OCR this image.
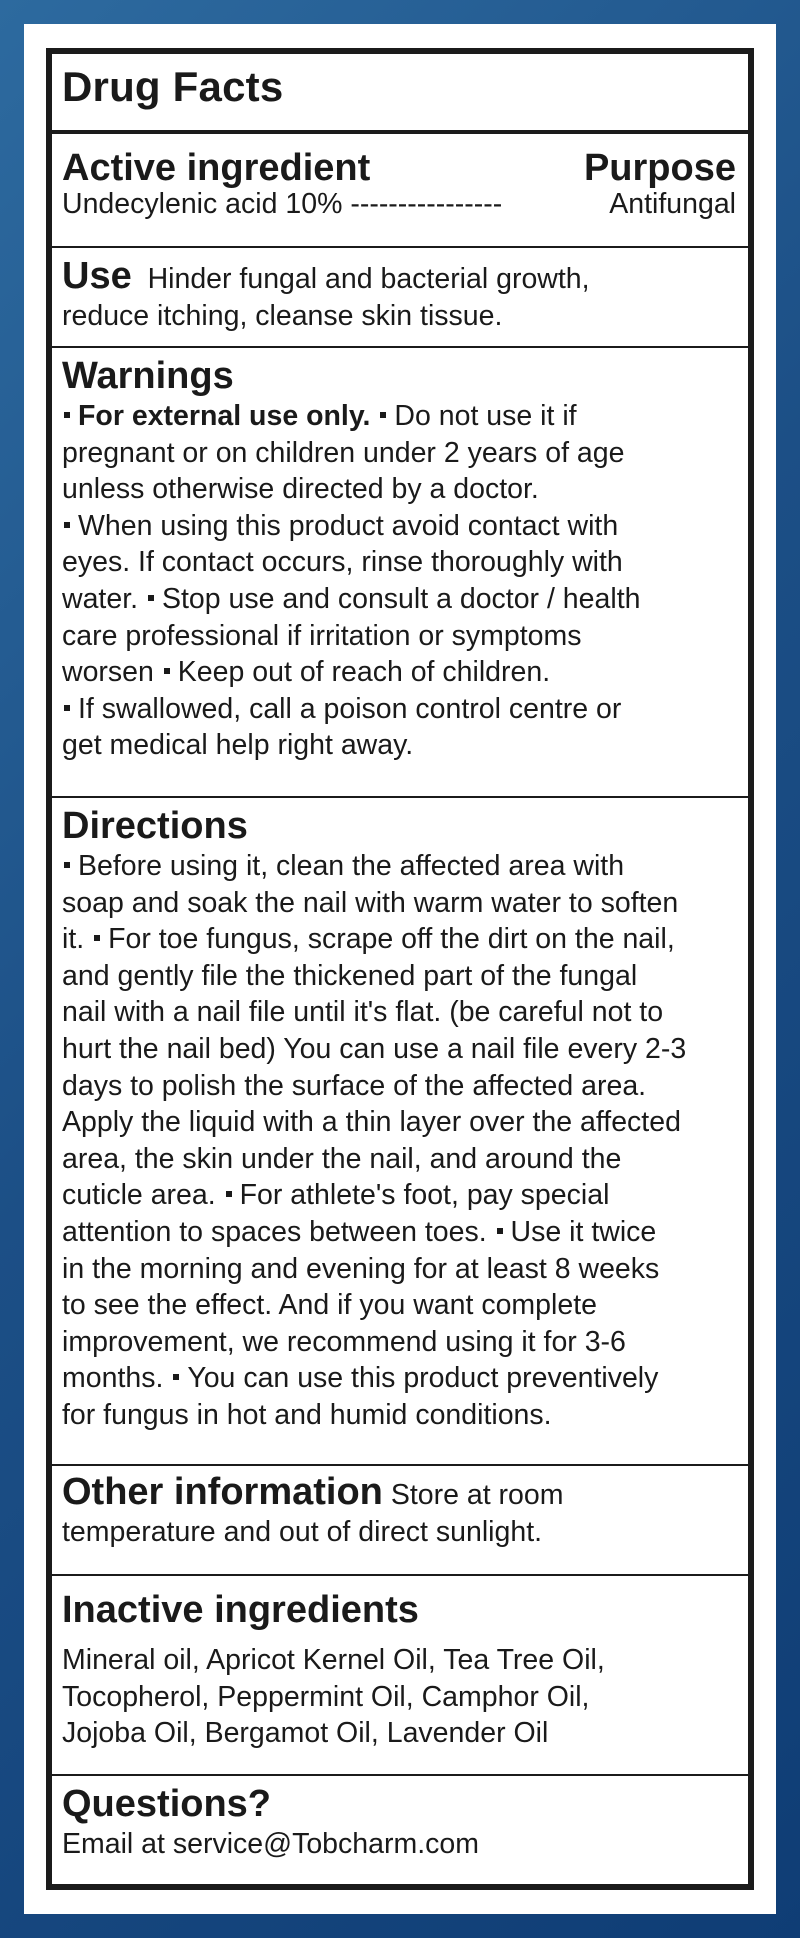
Drug Facts
Active ingredient	Purpose
Undecylenic acid 10% ----------------	Antifungal
Use Hinder fungal and bacterial growth,
reduce itching, cleanse skin tissue.
Warnings
For external use only. Do not use it if
pregnant or on children under 2 years of age
unless otherwise directed by a doctor.
When using this product avoid contact with
eyes. If contact occurs, rinse thoroughly with
water. Stop use and consult a doctor / health
care professional if irritation or symptoms
worsen Keep out of reach of children.
If swallowed, call a poison control centre or
get medical help right away.
Directions
Before using it, clean the affected area with
soap and soak the nail with warm water to soften
it. For toe fungus, scrape off the dirt on the nail,
and gently file the thickened part of the fungal
nail with a nail file until it's flat. (be careful not to
hurt the nail bed) You can use a nail file every 2-3
days to polish the surface of the affected area.
Apply the liquid with a thin layer over the affected
area, the skin under the nail, and around the
cuticle area. For athlete's foot, pay special
attention to spaces between toes. Use it twice
in the morning and evening for at least 8 weeks
to see the effect. And if you want complete
improvement, we recommend using it for 3-6
months. You can use this product preventively
for fungus in hot and humid conditions.
Other information Store at room
temperature and out of direct sunlight.
Inactive ingredients
Mineral oil, Apricot Kernel Oil, Tea Tree Oil,
Tocopherol, Peppermint Oil, Camphor Oil,
Jojoba Oil, Bergamot Oil, Lavender Oil
Questions?
Email at service@Tobcharm.com
